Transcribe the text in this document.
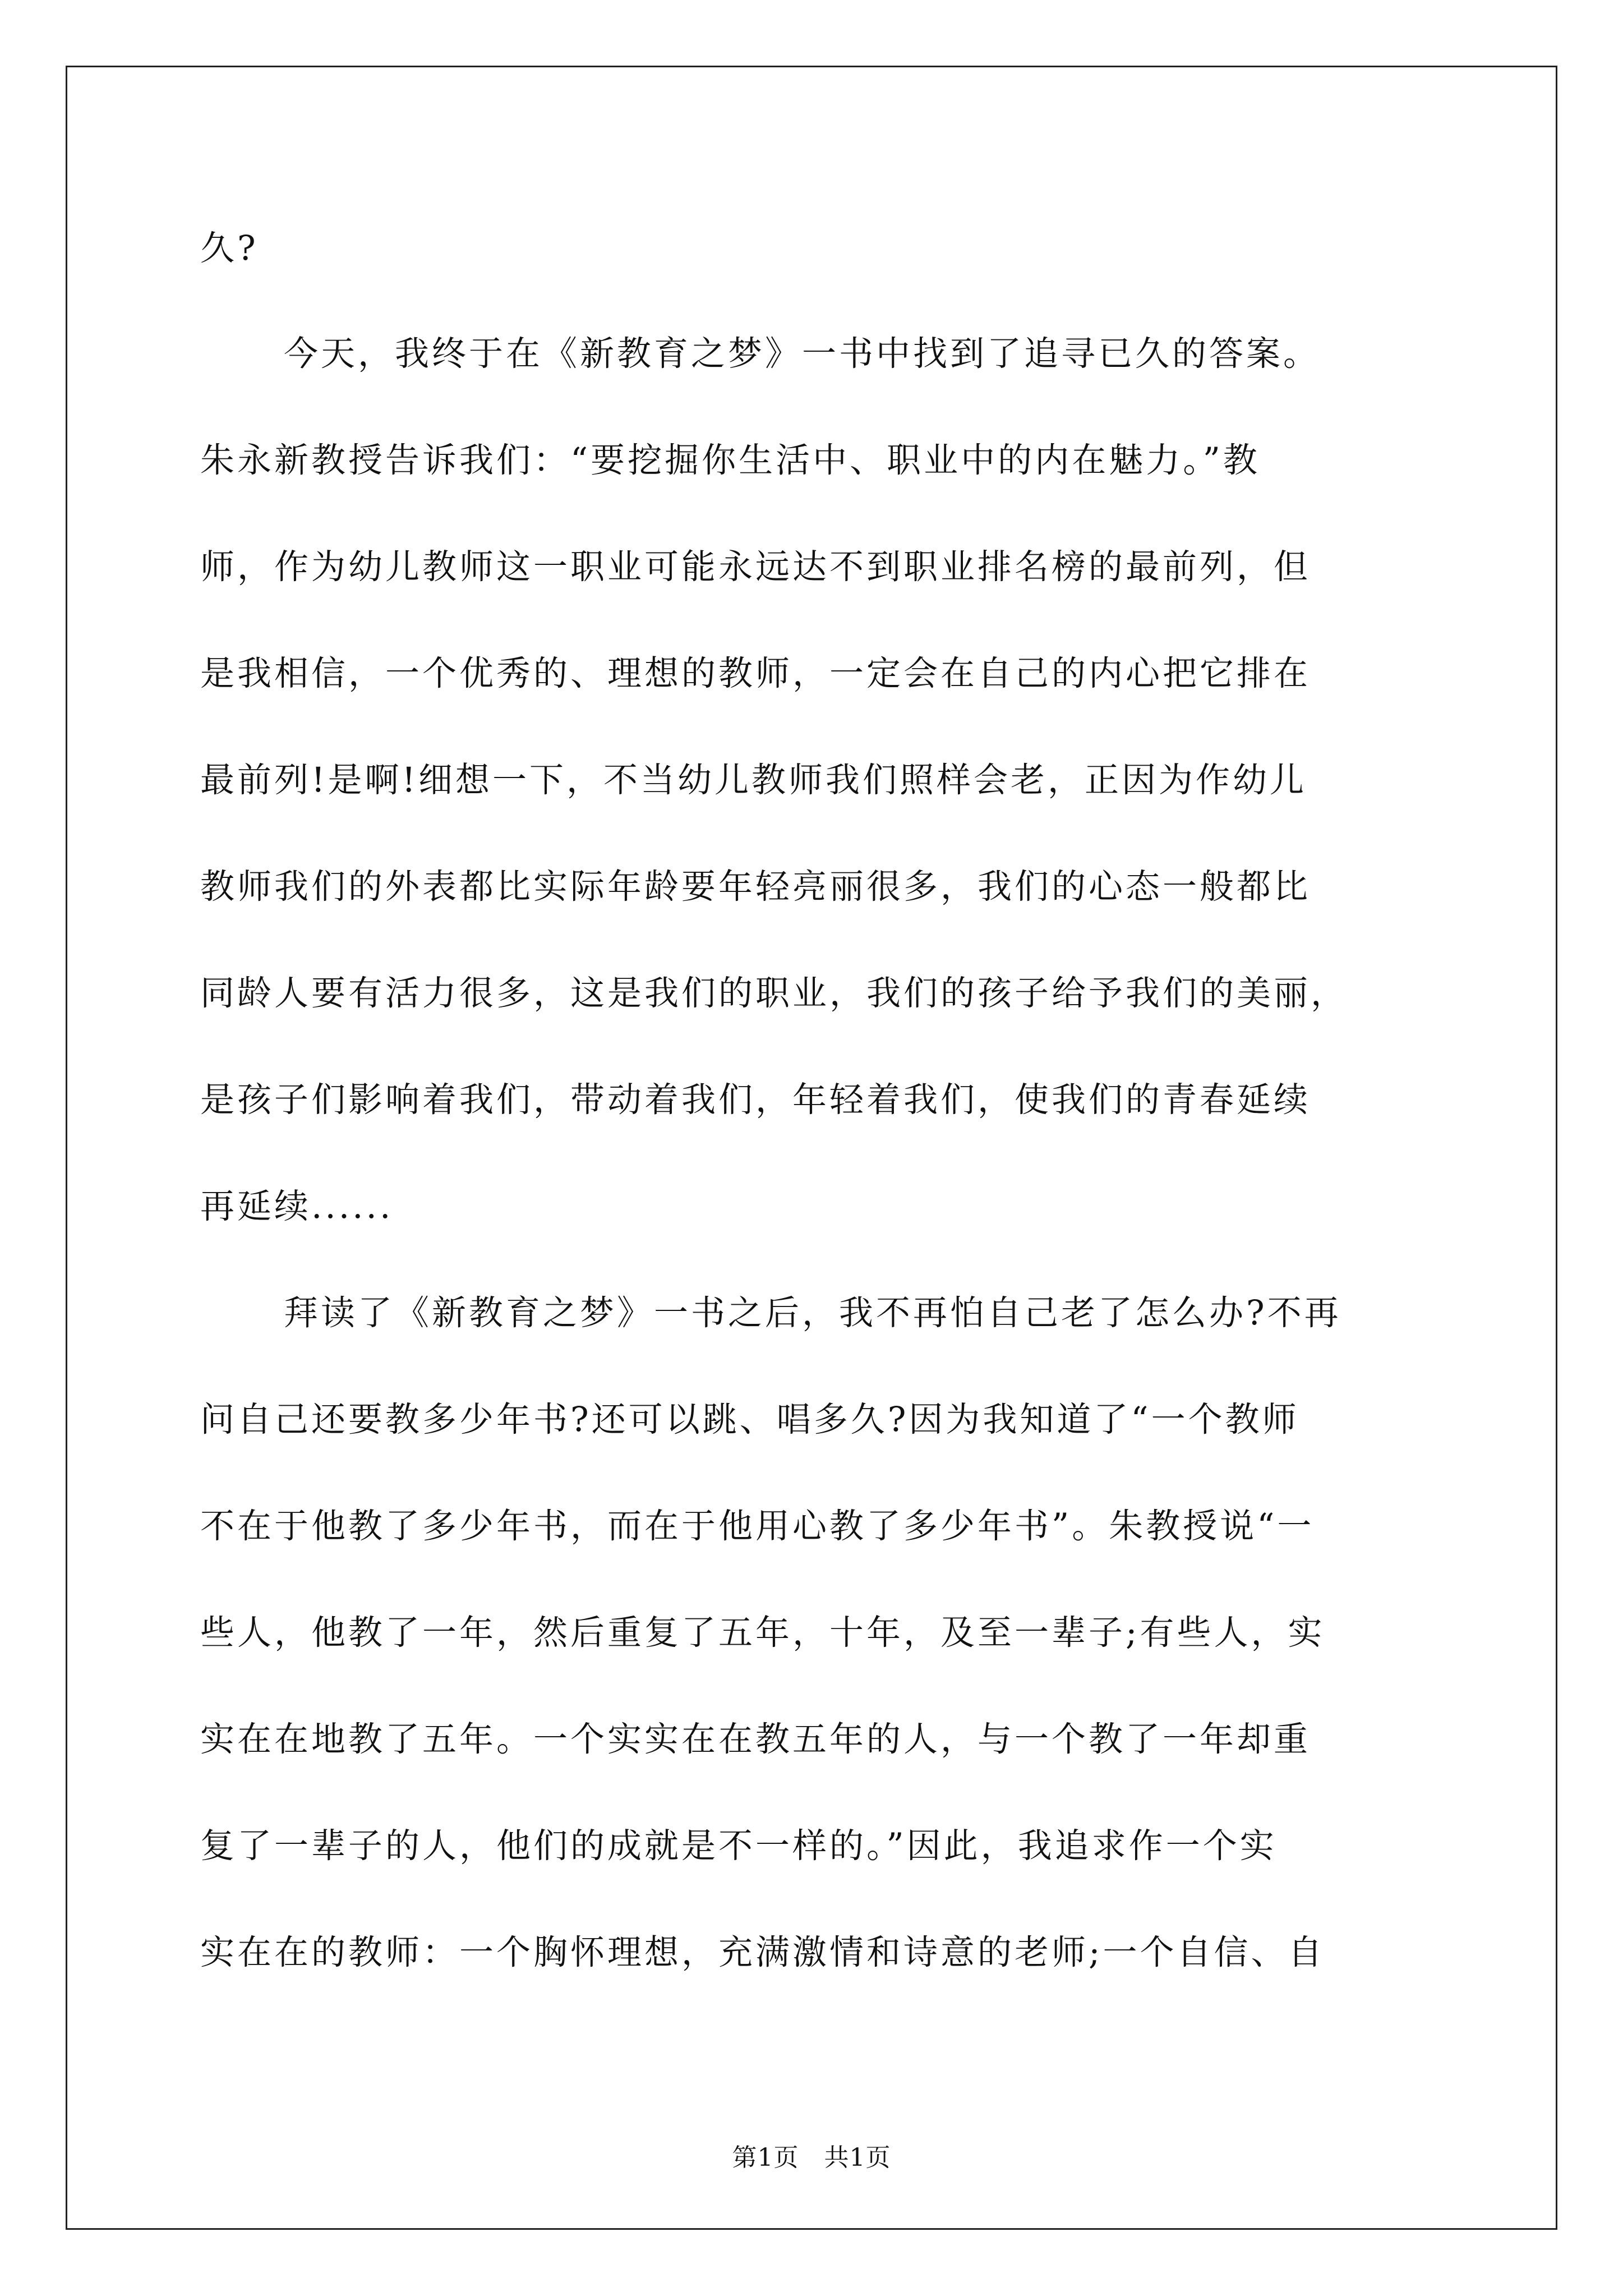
久?
今天，我终于在《新教育之梦》一书中找到了追寻已久的答案。
朱永新教授告诉我们：“要挖掘你生活中、职业中的内在魅力。”教
师，作为幼儿教师这一职业可能永远达不到职业排名榜的最前列，但
是我相信，一个优秀的、理想的教师，一定会在自己的内心把它排在
最前列!是啊!细想一下，不当幼儿教师我们照样会老，正因为作幼儿
教师我们的外表都比实际年龄要年轻亮丽很多，我们的心态一般都比
同龄人要有活力很多，这是我们的职业，我们的孩子给予我们的美丽，
是孩子们影响着我们，带动着我们，年轻着我们，使我们的青春延续
再延续......
拜读了《新教育之梦》一书之后，我不再怕自己老了怎么办?不再
问自己还要教多少年书?还可以跳、唱多久?因为我知道了“一个教师
不在于他教了多少年书，而在于他用心教了多少年书”。朱教授说“一
些人，他教了一年，然后重复了五年，十年，及至一辈子;有些人，实
实在在地教了五年。一个实实在在教五年的人，与一个教了一年却重
复了一辈子的人，他们的成就是不一样的。”因此，我追求作一个实
实在在的教师：一个胸怀理想，充满激情和诗意的老师;一个自信、自
第1页   共1页
